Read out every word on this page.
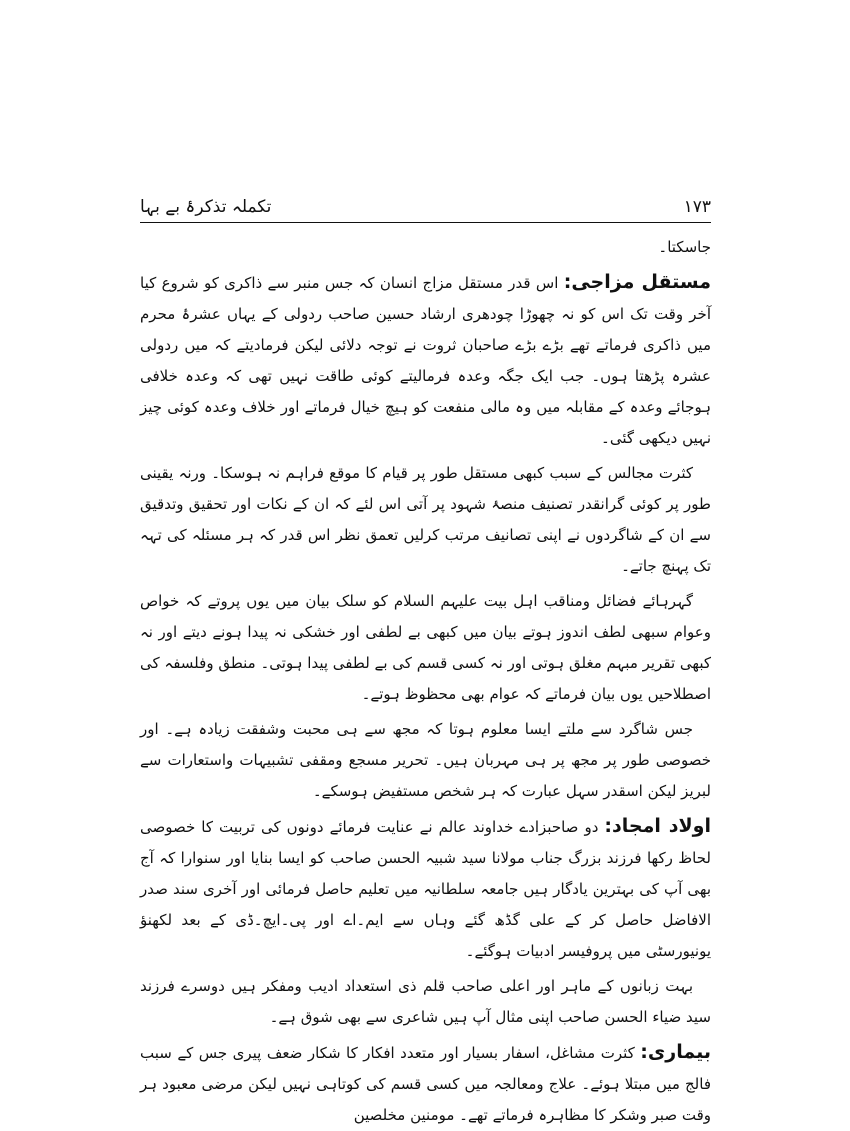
تکملہ تذکرۂ بے بہا	۱۷۳

جاسکتا۔

مستقل مزاجی: اس قدر مستقل مزاج انسان کہ جس منبر سے ذاکری کو شروع کیا آخر وقت تک اس کو نہ چھوڑا چودھری ارشاد حسین صاحب ردولی کے یہاں عشرۂ محرم میں ذاکری فرماتے تھے بڑے بڑے صاحبان ثروت نے توجہ دلائی لیکن فرمادیتے کہ میں ردولی عشرہ پڑھتا ہوں۔ جب ایک جگہ وعدہ فرمالیتے کوئی طاقت نہیں تھی کہ وعدہ خلافی ہوجائے وعدہ کے مقابلہ میں وہ مالی منفعت کو ہیچ خیال فرماتے اور خلاف وعدہ کوئی چیز نہیں دیکھی گئی۔

کثرت مجالس کے سبب کبھی مستقل طور پر قیام کا موقع فراہم نہ ہوسکا۔ ورنہ یقینی طور پر کوئی گرانقدر تصنیف منصۂ شہود پر آتی اس لئے کہ ان کے نکات اور تحقیق وتدقیق سے ان کے شاگردوں نے اپنی تصانیف مرتب کرلیں تعمق نظر اس قدر کہ ہر مسئلہ کی تہہ تک پہنچ جاتے۔

گہرہائے فضائل ومناقب اہل بیت علیہم السلام کو سلک بیان میں یوں پروتے کہ خواص وعوام سبھی لطف اندوز ہوتے بیان میں کبھی بے لطفی اور خشکی نہ پیدا ہونے دیتے اور نہ کبھی تقریر مبہم مغلق ہوتی اور نہ کسی قسم کی بے لطفی پیدا ہوتی۔ منطق وفلسفہ کی اصطلاحیں یوں بیان فرماتے کہ عوام بھی محظوظ ہوتے۔

جس شاگرد سے ملتے ایسا معلوم ہوتا کہ مجھ سے ہی محبت وشفقت زیادہ ہے۔ اور خصوصی طور پر مجھ پر ہی مہربان ہیں۔ تحریر مسجع ومقفی تشبیہات واستعارات سے لبریز لیکن اسقدر سہل عبارت کہ ہر شخص مستفیض ہوسکے۔

اولاد امجاد: دو صاحبزادے خداوند عالم نے عنایت فرمائے دونوں کی تربیت کا خصوصی لحاظ رکھا فرزند بزرگ جناب مولانا سید شبیہ الحسن صاحب کو ایسا بنایا اور سنوارا کہ آج بھی آپ کی بہترین یادگار ہیں جامعہ سلطانیہ میں تعلیم حاصل فرمائی اور آخری سند صدر الافاضل حاصل کر کے علی گڈھ گئے وہاں سے ایم۔اے اور پی۔ایچ۔ڈی کے بعد لکھنؤ یونیورسٹی میں پروفیسر ادبیات ہوگئے۔

بہت زبانوں کے ماہر اور اعلی صاحب قلم ذی استعداد ادیب ومفکر ہیں دوسرے فرزند سید ضیاء الحسن صاحب اپنی مثال آپ ہیں شاعری سے بھی شوق ہے۔

بیماری: کثرت مشاغل، اسفار بسیار اور متعدد افکار کا شکار ضعف پیری جس کے سبب فالج میں مبتلا ہوئے۔ علاج ومعالجہ میں کسی قسم کی کوتاہی نہیں لیکن مرضی معبود ہر وقت صبر وشکر کا مظاہرہ فرماتے تھے۔ مومنین مخلصین
